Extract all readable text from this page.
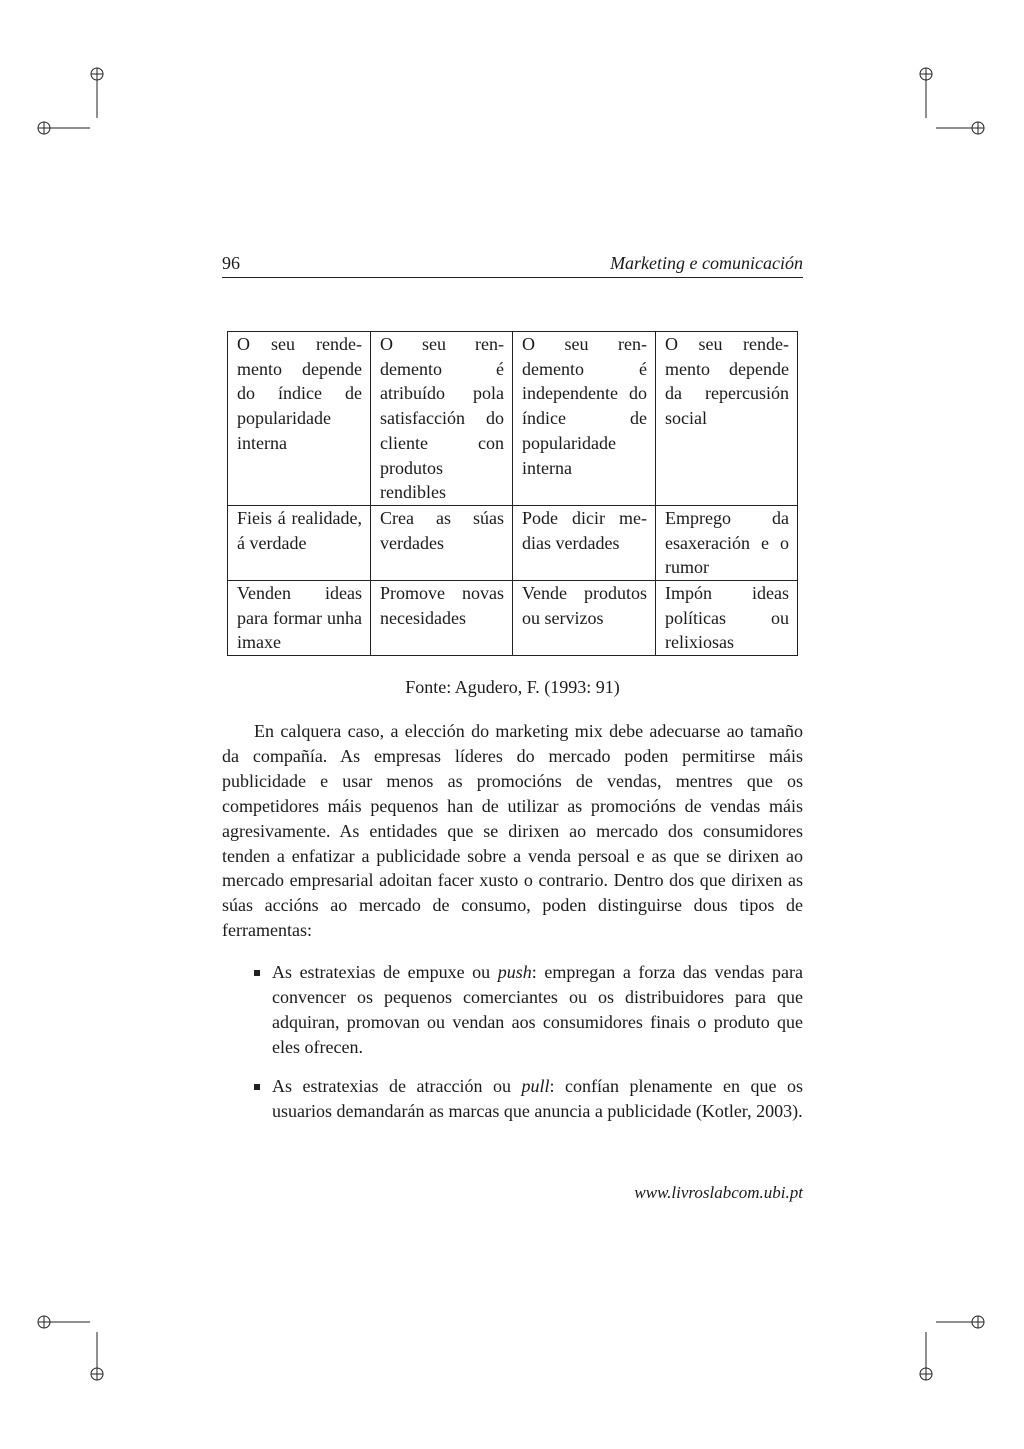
96	Marketing e comunicación
O seu rendemento depende do índice de popularidade interna	O seu rendemento é atribuído pola satisfacción do cliente con produtos rendibles	O seu rendemento é independente do índice de popularidade interna	O seu rendemento depende da repercusión social
Fieis á realidade, á verdade	Crea as súas verdades	Pode dicir medias verdades	Emprego da esaxeración e o rumor
Venden ideas para formar unha imaxe	Promove novas necesidades	Vende produtos ou servizos	Impón ideas políticas ou relixiosas
Fonte: Agudero, F. (1993: 91)

En calquera caso, a elección do marketing mix debe adecuarse ao tamaño da compañía. As empresas líderes do mercado poden permitirse máis publicidade e usar menos as promocións de vendas, mentres que os competidores máis pequenos han de utilizar as promocións de vendas máis agresivamente. As entidades que se dirixen ao mercado dos consumidores tenden a enfatizar a publicidade sobre a venda persoal e as que se dirixen ao mercado empresarial adoitan facer xusto o contrario. Dentro dos que dirixen as súas accións ao mercado de consumo, poden distinguirse dous tipos de ferramentas:

As estratexias de empuxe ou push: empregan a forza das vendas para convencer os pequenos comerciantes ou os distribuidores para que adquiran, promovan ou vendan aos consumidores finais o produto que eles ofrecen.
As estratexias de atracción ou pull: confían plenamente en que os usuarios demandarán as marcas que anuncia a publicidade (Kotler, 2003).
www.livroslabcom.ubi.pt
